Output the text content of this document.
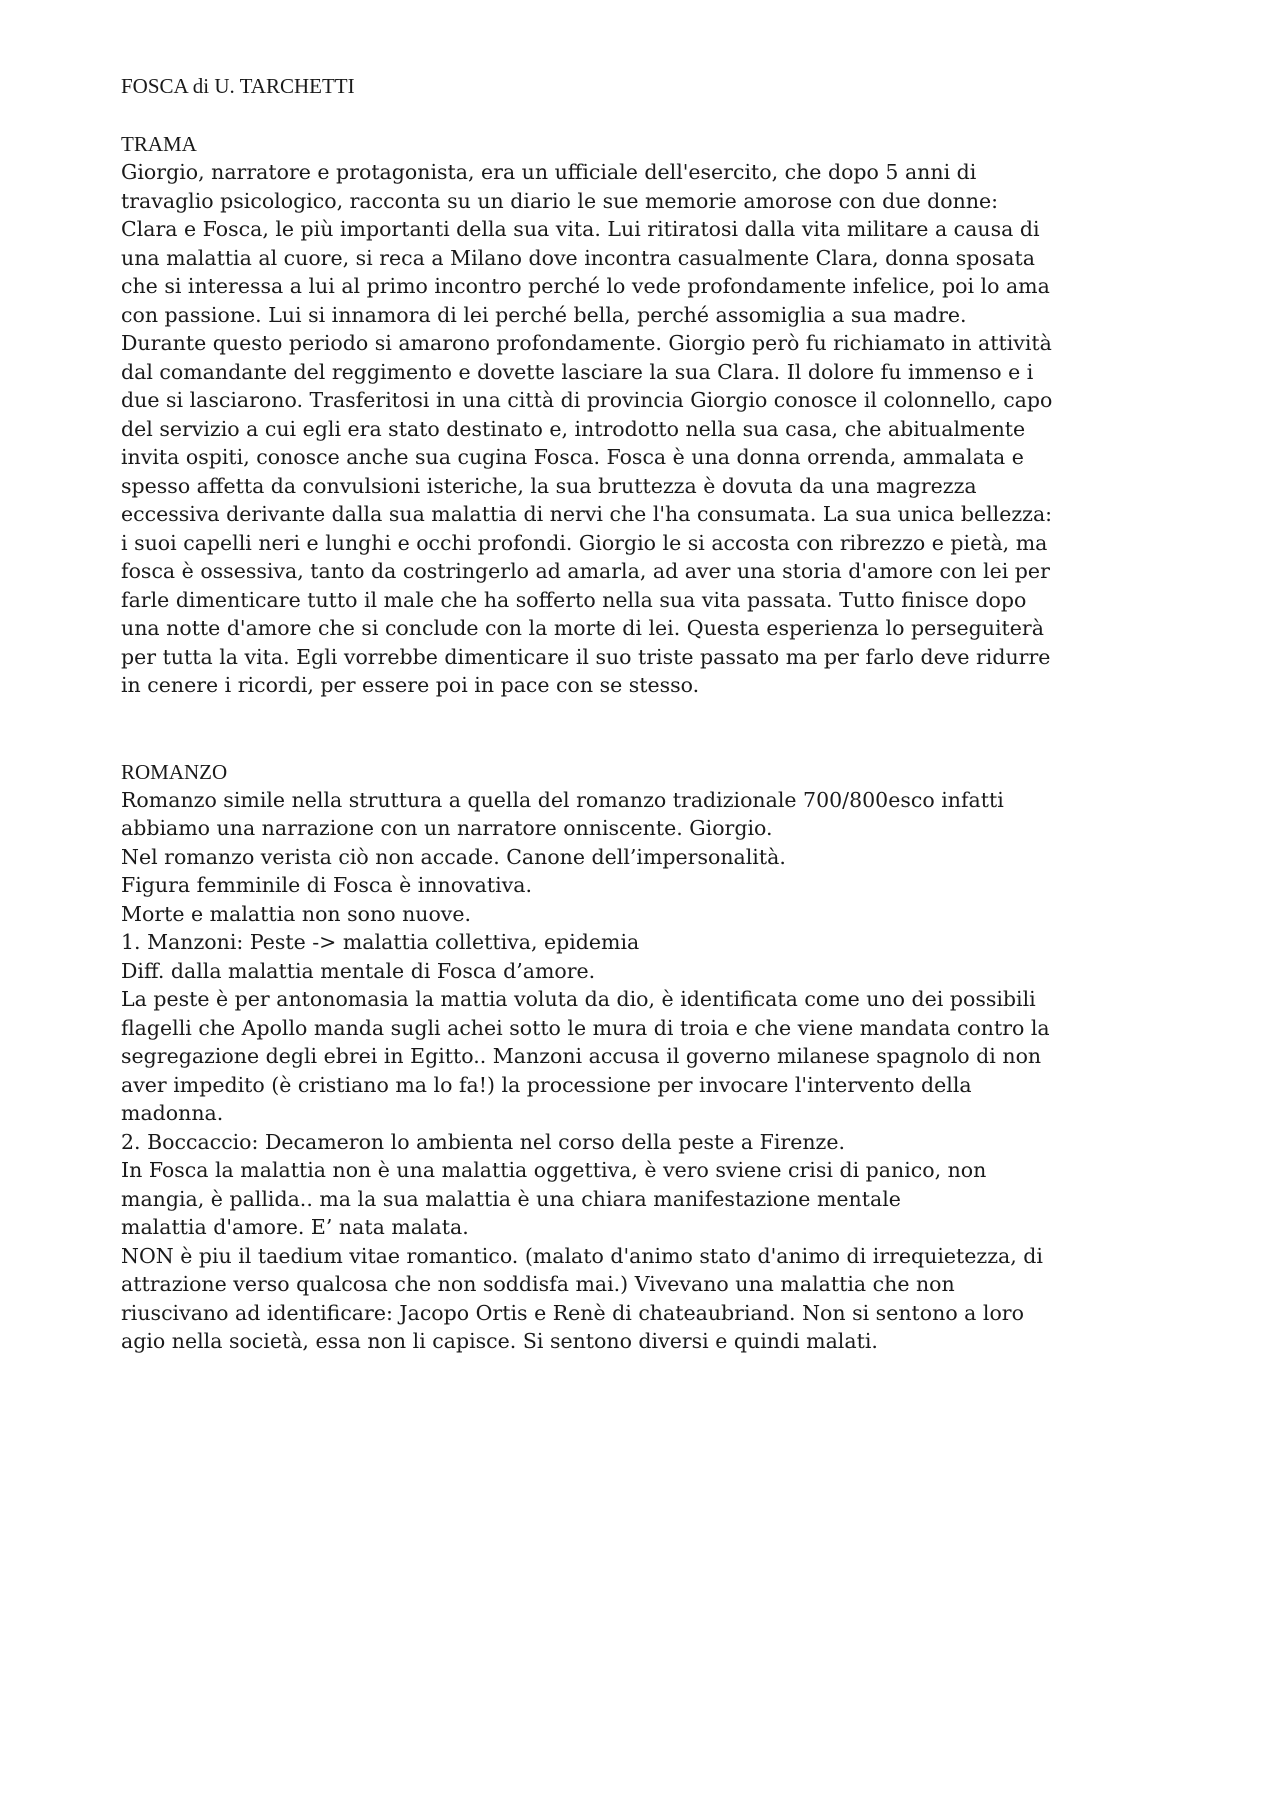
FOSCA di U. TARCHETTI
TRAMA

Giorgio, narratore e protagonista, era un ufficiale dell'esercito, che dopo 5 anni di
travaglio psicologico, racconta su un diario le sue memorie amorose con due donne:
Clara e Fosca, le più importanti della sua vita. Lui ritiratosi dalla vita militare a causa di
una malattia al cuore, si reca a Milano dove incontra casualmente Clara, donna sposata
che si interessa a lui al primo incontro perché lo vede profondamente infelice, poi lo ama
con passione. Lui si innamora di lei perché bella, perché assomiglia a sua madre.
Durante questo periodo si amarono profondamente. Giorgio però fu richiamato in attività
dal comandante del reggimento e dovette lasciare la sua Clara. Il dolore fu immenso e i
due si lasciarono. Trasferitosi in una città di provincia Giorgio conosce il colonnello, capo
del servizio a cui egli era stato destinato e, introdotto nella sua casa, che abitualmente
invita ospiti, conosce anche sua cugina Fosca. Fosca è una donna orrenda, ammalata e
spesso affetta da convulsioni isteriche, la sua bruttezza è dovuta da una magrezza
eccessiva derivante dalla sua malattia di nervi che l'ha consumata. La sua unica bellezza:
i suoi capelli neri e lunghi e occhi profondi. Giorgio le si accosta con ribrezzo e pietà, ma
fosca è ossessiva, tanto da costringerlo ad amarla, ad aver una storia d'amore con lei per
farle dimenticare tutto il male che ha sofferto nella sua vita passata. Tutto finisce dopo
una notte d'amore che si conclude con la morte di lei. Questa esperienza lo perseguiterà
per tutta la vita. Egli vorrebbe dimenticare il suo triste passato ma per farlo deve ridurre
in cenere i ricordi, per essere poi in pace con se stesso.

ROMANZO

Romanzo simile nella struttura a quella del romanzo tradizionale 700/800esco infatti
abbiamo una narrazione con un narratore onniscente. Giorgio.
Nel romanzo verista ciò non accade. Canone dell’impersonalità.
Figura femminile di Fosca è innovativa.
Morte e malattia non sono nuove.
1. Manzoni: Peste -> malattia collettiva, epidemia
Diff. dalla malattia mentale di Fosca d’amore.
La peste è per antonomasia la mattia voluta da dio, è identificata come uno dei possibili
flagelli che Apollo manda sugli achei sotto le mura di troia e che viene mandata contro la
segregazione degli ebrei in Egitto.. Manzoni accusa il governo milanese spagnolo di non
aver impedito (è cristiano ma lo fa!) la processione per invocare l'intervento della
madonna.
2. Boccaccio: Decameron lo ambienta nel corso della peste a Firenze.
In Fosca la malattia non è una malattia oggettiva, è vero sviene crisi di panico, non
mangia, è pallida.. ma la sua malattia è una chiara manifestazione mentale
malattia d'amore. E’ nata malata.
NON è piu il taedium vitae romantico. (malato d'animo stato d'animo di irrequietezza, di
attrazione verso qualcosa che non soddisfa mai.) Vivevano una malattia che non
riuscivano ad identificare: Jacopo Ortis e Renè di chateaubriand. Non si sentono a loro
agio nella società, essa non li capisce. Si sentono diversi e quindi malati.
